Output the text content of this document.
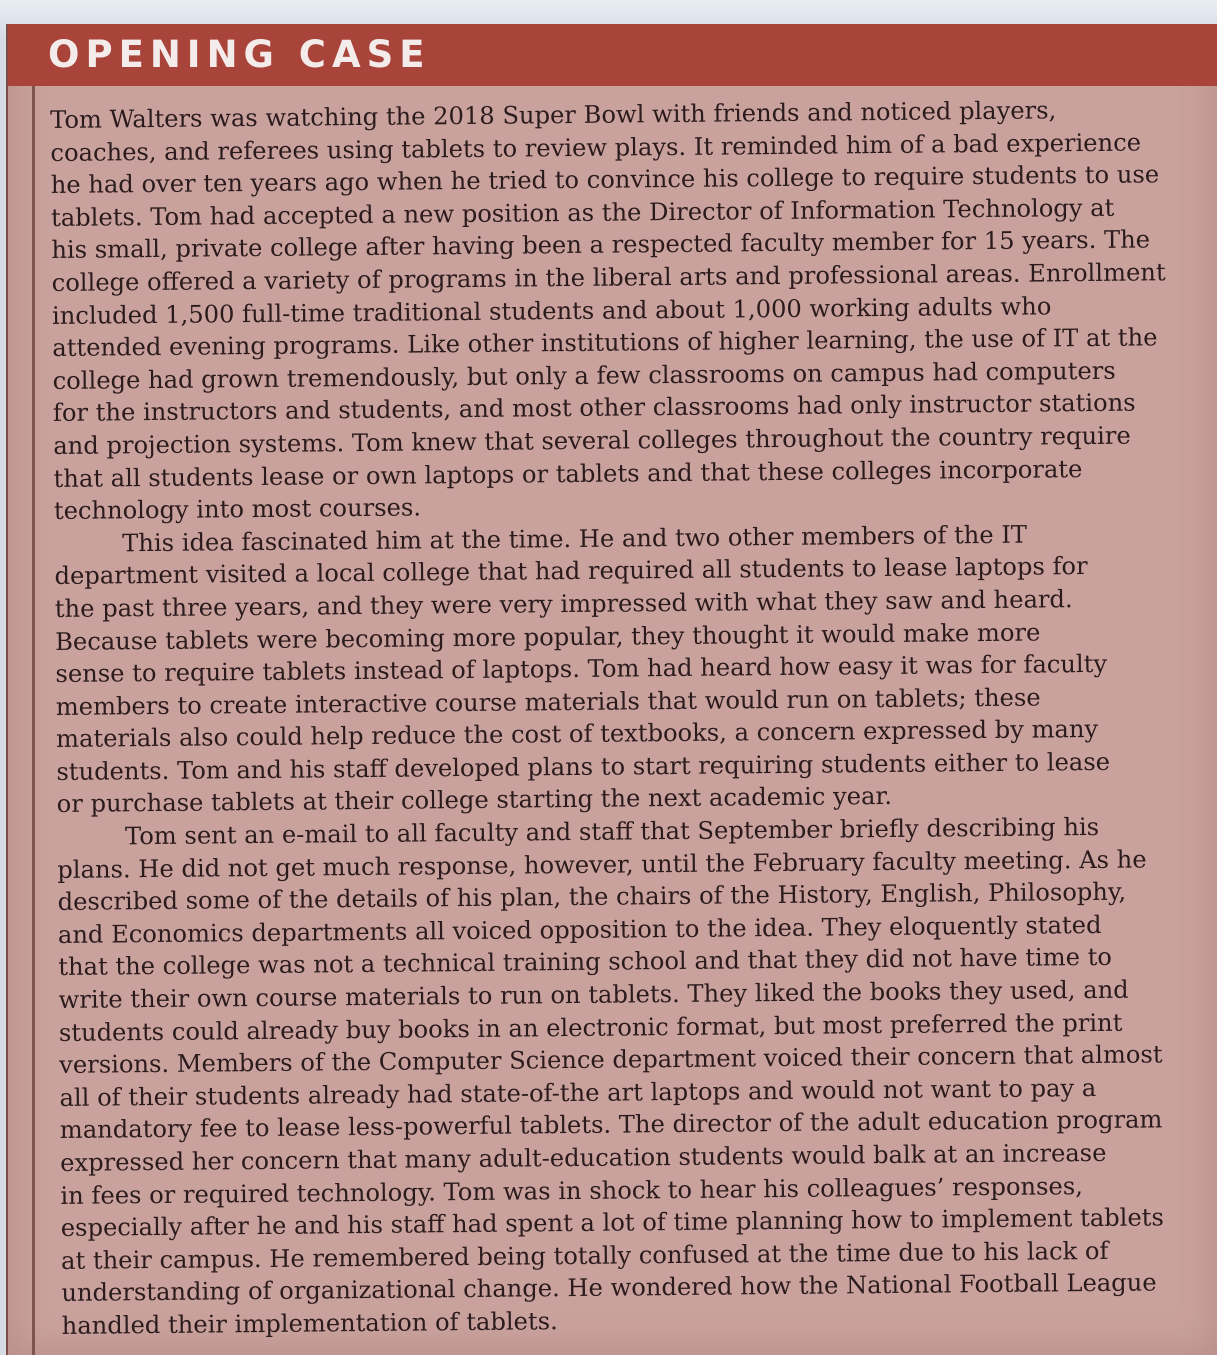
OPENING CASE
Tom Walters was watching the 2018 Super Bowl with friends and noticed players,
coaches, and referees using tablets to review plays. It reminded him of a bad experience
he had over ten years ago when he tried to convince his college to require students to use
tablets. Tom had accepted a new position as the Director of Information Technology at
his small, private college after having been a respected faculty member for 15 years. The
college offered a variety of programs in the liberal arts and professional areas. Enrollment
included 1,500 full-time traditional students and about 1,000 working adults who
attended evening programs. Like other institutions of higher learning, the use of IT at the
college had grown tremendously, but only a few classrooms on campus had computers
for the instructors and students, and most other classrooms had only instructor stations
and projection systems. Tom knew that several colleges throughout the country require
that all students lease or own laptops or tablets and that these colleges incorporate
technology into most courses.
This idea fascinated him at the time. He and two other members of the IT
department visited a local college that had required all students to lease laptops for
the past three years, and they were very impressed with what they saw and heard.
Because tablets were becoming more popular, they thought it would make more
sense to require tablets instead of laptops. Tom had heard how easy it was for faculty
members to create interactive course materials that would run on tablets; these
materials also could help reduce the cost of textbooks, a concern expressed by many
students. Tom and his staff developed plans to start requiring students either to lease
or purchase tablets at their college starting the next academic year.
Tom sent an e-mail to all faculty and staff that September briefly describing his
plans. He did not get much response, however, until the February faculty meeting. As he
described some of the details of his plan, the chairs of the History, English, Philosophy,
and Economics departments all voiced opposition to the idea. They eloquently stated
that the college was not a technical training school and that they did not have time to
write their own course materials to run on tablets. They liked the books they used, and
students could already buy books in an electronic format, but most preferred the print
versions. Members of the Computer Science department voiced their concern that almost
all of their students already had state-of-the art laptops and would not want to pay a
mandatory fee to lease less-powerful tablets. The director of the adult education program
expressed her concern that many adult-education students would balk at an increase
in fees or required technology. Tom was in shock to hear his colleagues’ responses,
especially after he and his staff had spent a lot of time planning how to implement tablets
at their campus. He remembered being totally confused at the time due to his lack of
understanding of organizational change. He wondered how the National Football League
handled their implementation of tablets.
